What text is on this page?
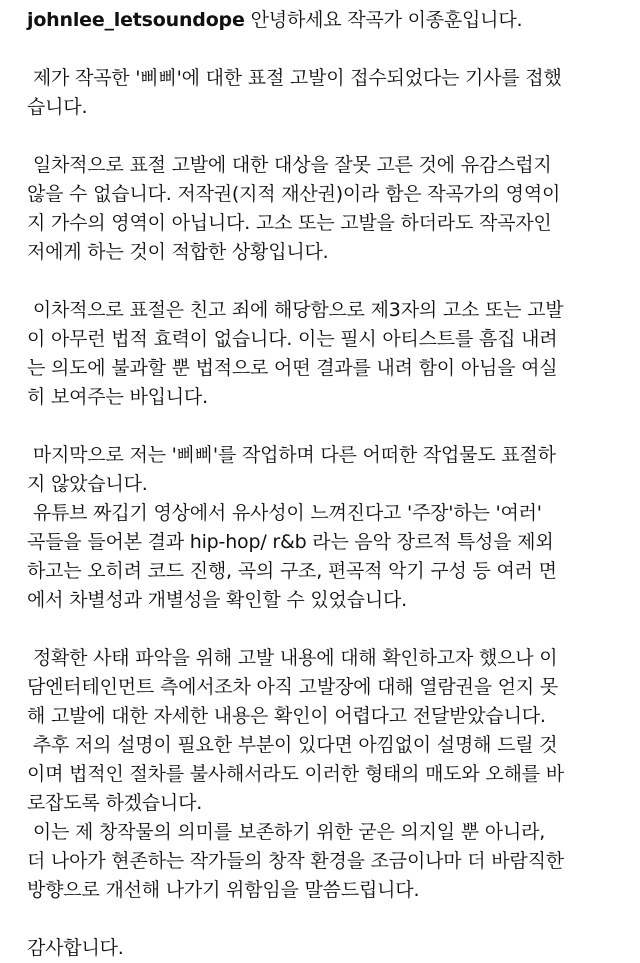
johnlee_letsoundope 안녕하세요 작곡가 이종훈입니다.
제가 작곡한 '삐삐'에 대한 표절 고발이 접수되었다는 기사를 접했
습니다.
일차적으로 표절 고발에 대한 대상을 잘못 고른 것에 유감스럽지
않을 수 없습니다. 저작권(지적 재산권)이라 함은 작곡가의 영역이
지 가수의 영역이 아닙니다. 고소 또는 고발을 하더라도 작곡자인
저에게 하는 것이 적합한 상황입니다.
이차적으로 표절은 친고 죄에 해당함으로 제3자의 고소 또는 고발
이 아무런 법적 효력이 없습니다. 이는 필시 아티스트를 흠집 내려
는 의도에 불과할 뿐 법적으로 어떤 결과를 내려 함이 아님을 여실
히 보여주는 바입니다.
마지막으로 저는 '삐삐'를 작업하며 다른 어떠한 작업물도 표절하
지 않았습니다.
유튜브 짜깁기 영상에서 유사성이 느껴진다고 '주장'하는 '여러'
곡들을 들어본 결과 hip-hop/ r&b 라는 음악 장르적 특성을 제외
하고는 오히려 코드 진행, 곡의 구조, 편곡적 악기 구성 등 여러 면
에서 차별성과 개별성을 확인할 수 있었습니다.
정확한 사태 파악을 위해 고발 내용에 대해 확인하고자 했으나 이
담엔터테인먼트 측에서조차 아직 고발장에 대해 열람권을 얻지 못
해 고발에 대한 자세한 내용은 확인이 어렵다고 전달받았습니다.
추후 저의 설명이 필요한 부분이 있다면 아낌없이 설명해 드릴 것
이며 법적인 절차를 불사해서라도 이러한 형태의 매도와 오해를 바
로잡도록 하겠습니다.
이는 제 창작물의 의미를 보존하기 위한 굳은 의지일 뿐 아니라,
더 나아가 현존하는 작가들의 창작 환경을 조금이나마 더 바람직한
방향으로 개선해 나가기 위함임을 말씀드립니다.
감사합니다.
